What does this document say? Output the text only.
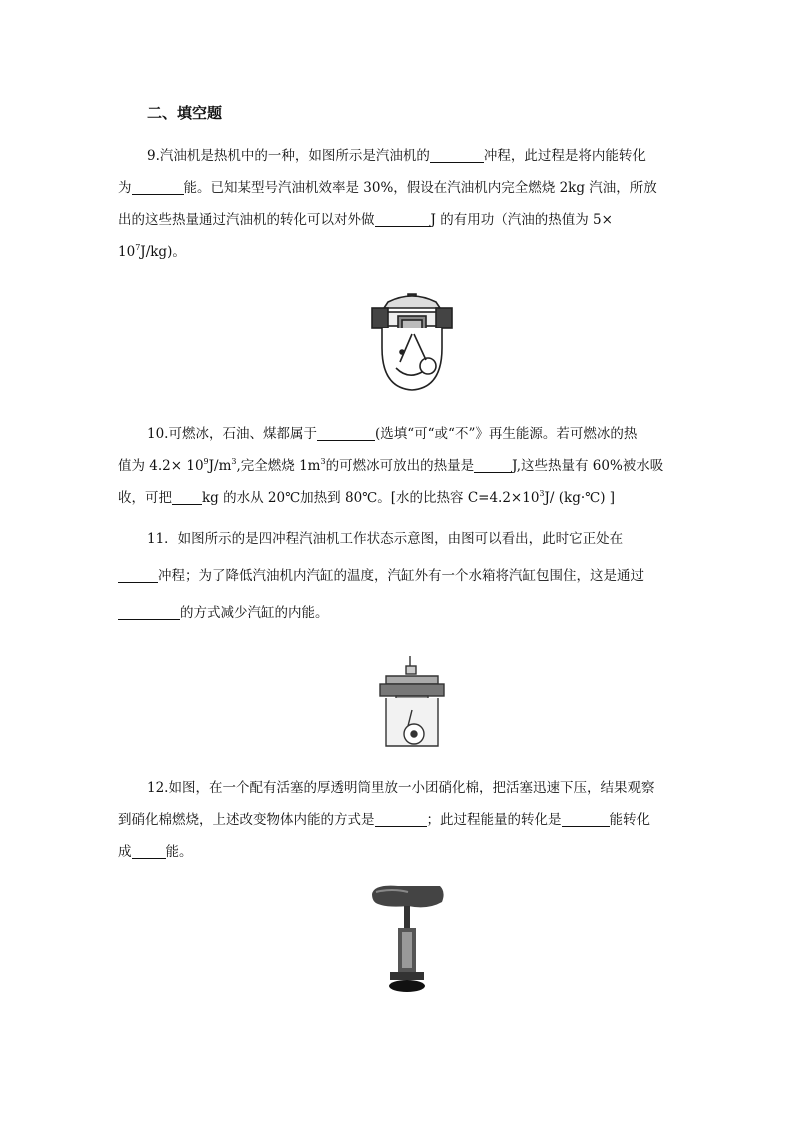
二、填空题
9.汽油机是热机中的一种，如图所示是汽油机的	冲程，此过程是将内能转化
为	能。已知某型号汽油机效率是 30%，假设在汽油机内完全燃烧 2kg 汽油，所放
出的这些热量通过汽油机的转化可以对外做	J 的有用功（汽油的热值为 5×
$10^7J/kg$)。
10.可燃冰，石油、煤都属于	(选填“可“或“不”》再生能源。若可燃冰的热
值为 $4.2\times 10^9J/m^3$,完全燃烧 $1m^3$的可燃冰可放出的热量是	J,这些热量有 60%被水吸
收，可把 kg 的水从 20℃加热到 80℃。[水的比热容 $C=4.2\times 10^3J/$ (kg·℃) ]
11．如图所示的是四冲程汽油机工作状态示意图，由图可以看出，此时它正处在
冲程；为了降低汽油机内汽缸的温度，汽缸外有一个水箱将汽缸包围住，这是通过
的方式减少汽缸的内能。
12.如图，在一个配有活塞的厚透明筒里放一小团硝化棉，把活塞迅速下压，结果观察
到硝化棉燃烧，上述改变物体内能的方式是	；此过程能量的转化是	能转化
成	能。
